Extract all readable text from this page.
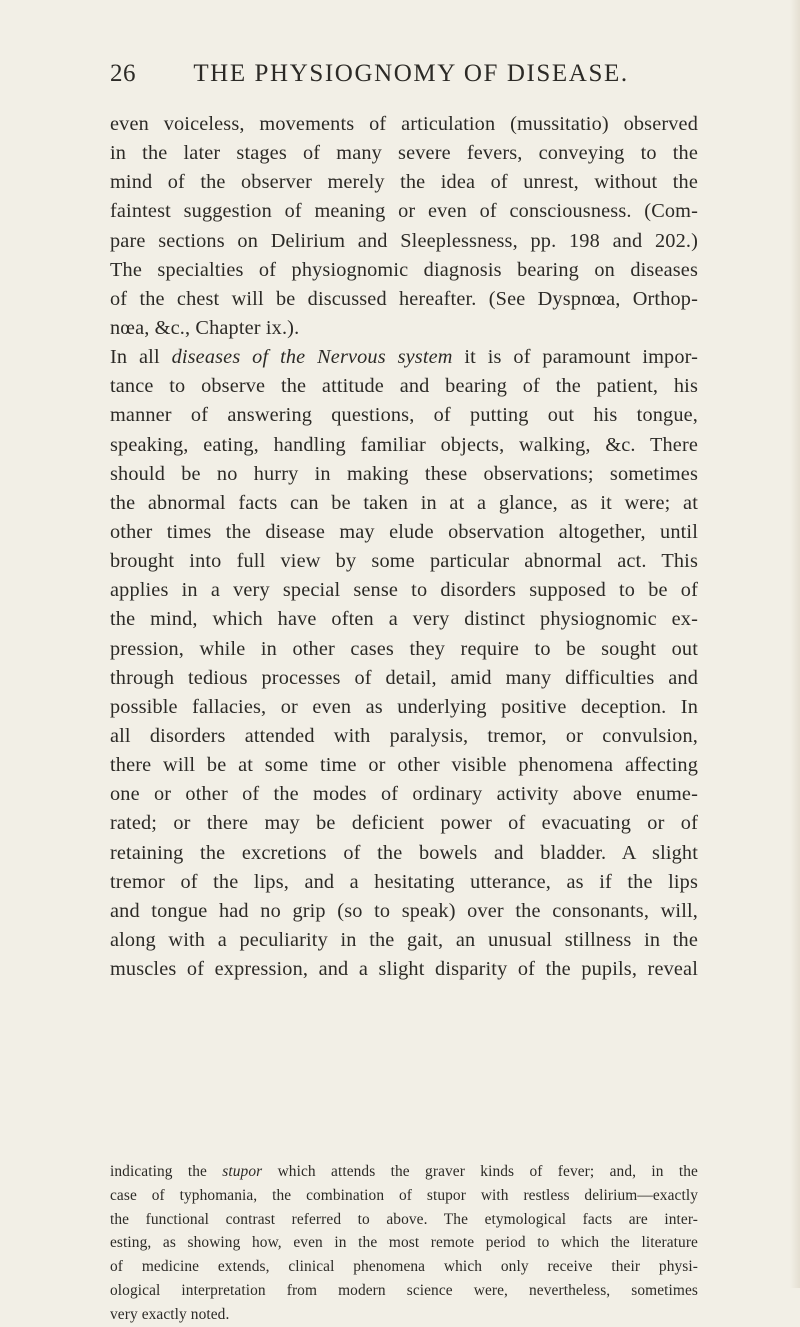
26	THE PHYSIOGNOMY OF DISEASE.
even voiceless, movements of articulation (mussitatio) observed
in the later stages of many severe fevers, conveying to the
mind of the observer merely the idea of unrest, without the
faintest suggestion of meaning or even of consciousness. (Com-
pare sections on Delirium and Sleeplessness, pp. 198 and 202.)
The specialties of physiognomic diagnosis bearing on diseases
of the chest will be discussed hereafter. (See Dyspnœa, Orthop-
nœa, &c., Chapter ix.).
In all diseases of the Nervous system it is of paramount impor-
tance to observe the attitude and bearing of the patient, his
manner of answering questions, of putting out his tongue,
speaking, eating, handling familiar objects, walking, &c. There
should be no hurry in making these observations; sometimes
the abnormal facts can be taken in at a glance, as it were; at
other times the disease may elude observation altogether, until
brought into full view by some particular abnormal act. This
applies in a very special sense to disorders supposed to be of
the mind, which have often a very distinct physiognomic ex-
pression, while in other cases they require to be sought out
through tedious processes of detail, amid many difficulties and
possible fallacies, or even as underlying positive deception. In
all disorders attended with paralysis, tremor, or convulsion,
there will be at some time or other visible phenomena affecting
one or other of the modes of ordinary activity above enume-
rated; or there may be deficient power of evacuating or of
retaining the excretions of the bowels and bladder. A slight
tremor of the lips, and a hesitating utterance, as if the lips
and tongue had no grip (so to speak) over the consonants, will,
along with a peculiarity in the gait, an unusual stillness in the
muscles of expression, and a slight disparity of the pupils, reveal
indicating the stupor which attends the graver kinds of fever; and, in the
case of typhomania, the combination of stupor with restless delirium—exactly
the functional contrast referred to above. The etymological facts are inter-
esting, as showing how, even in the most remote period to which the literature
of medicine extends, clinical phenomena which only receive their physi-
ological interpretation from modern science were, nevertheless, sometimes
very exactly noted.
